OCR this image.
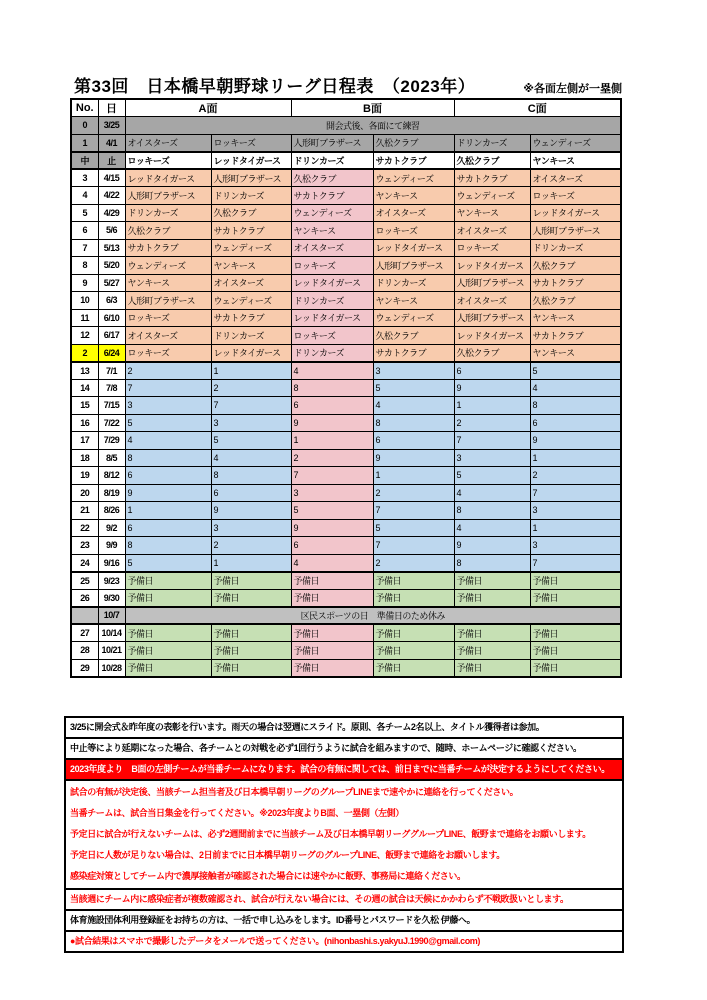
第33回　日本橋早朝野球リーグ日程表　（2023年）	※各面左側が一塁側
No.	日	A面		B面		C面	
0	3/25	開会式後、各面にて練習					
1	4/1	オイスターズ	ロッキーズ	人形町ブラザース	久松クラブ	ドリンカーズ	ウェンディーズ
中	止	ロッキーズ	レッドタイガース	ドリンカーズ	サカトクラブ	久松クラブ	ヤンキース
3	4/15	レッドタイガース	人形町ブラザース	久松クラブ	ウェンディーズ	サカトクラブ	オイスターズ
4	4/22	人形町ブラザース	ドリンカーズ	サカトクラブ	ヤンキース	ウェンディーズ	ロッキーズ
5	4/29	ドリンカーズ	久松クラブ	ウェンディーズ	オイスターズ	ヤンキース	レッドタイガース
6	5/6	久松クラブ	サカトクラブ	ヤンキース	ロッキーズ	オイスターズ	人形町ブラザース
7	5/13	サカトクラブ	ウェンディーズ	オイスターズ	レッドタイガース	ロッキーズ	ドリンカーズ
8	5/20	ウェンディーズ	ヤンキース	ロッキーズ	人形町ブラザース	レッドタイガース	久松クラブ
9	5/27	ヤンキース	オイスターズ	レッドタイガース	ドリンカーズ	人形町ブラザース	サカトクラブ
10	6/3	人形町ブラザース	ウェンディーズ	ドリンカーズ	ヤンキース	オイスターズ	久松クラブ
11	6/10	ロッキーズ	サカトクラブ	レッドタイガース	ウェンディーズ	人形町ブラザース	ヤンキース
12	6/17	オイスターズ	ドリンカーズ	ロッキーズ	久松クラブ	レッドタイガース	サカトクラブ
2	6/24	ロッキーズ	レッドタイガース	ドリンカーズ	サカトクラブ	久松クラブ	ヤンキース
13	7/1	2	1	4	3	6	5
14	7/8	7	2	8	5	9	4
15	7/15	3	7	6	4	1	8
16	7/22	5	3	9	8	2	6
17	7/29	4	5	1	6	7	9
18	8/5	8	4	2	9	3	1
19	8/12	6	8	7	1	5	2
20	8/19	9	6	3	2	4	7
21	8/26	1	9	5	7	8	3
22	9/2	6	3	9	5	4	1
23	9/9	8	2	6	7	9	3
24	9/16	5	1	4	2	8	7
25	9/23	予備日	予備日	予備日	予備日	予備日	予備日
26	9/30	予備日	予備日	予備日	予備日	予備日	予備日
	10/7	区民スポーツの日　準備日のため休み					
27	10/14	予備日	予備日	予備日	予備日	予備日	予備日
28	10/21	予備日	予備日	予備日	予備日	予備日	予備日
29	10/28	予備日	予備日	予備日	予備日	予備日	予備日
3/25に開会式＆昨年度の表彰を行います。雨天の場合は翌週にスライド。原則、各チーム2名以上、タイトル獲得者は参加。
中止等により延期になった場合、各チームとの対戦を必ず1回行うように試合を組みますので、随時、ホームページに確認ください。
2023年度より　B面の左側チームが当番チームになります。試合の有無に関しては、前日までに当番チームが決定するようにしてください。
試合の有無が決定後、当該チーム担当者及び日本橋早朝リーグのグループLINEまで速やかに連絡を行ってください。
当番チームは、試合当日集金を行ってください。※2023年度よりB面、一塁側（左側）
予定日に試合が行えないチームは、必ず2週間前までに当該チーム及び日本橋早朝リーググループLINE、飯野まで連絡をお願いします。
予定日に人数が足りない場合は、2日前までに日本橋早朝リーグのグループLINE、飯野まで連絡をお願いします。
感染症対策としてチーム内で濃厚接触者が確認された場合には速やかに飯野、事務局に連絡ください。
当該週にチーム内に感染症者が複数確認され、試合が行えない場合には、その週の試合は天候にかかわらず不戦敗扱いとします。
体育施設団体利用登録証をお持ちの方は、一括で申し込みをします。ID番号とパスワードを久松 伊藤へ。
●試合結果はスマホで撮影したデータをメールで送ってください。(nihonbashi.s.yakyuJ.1990@gmail.com)
